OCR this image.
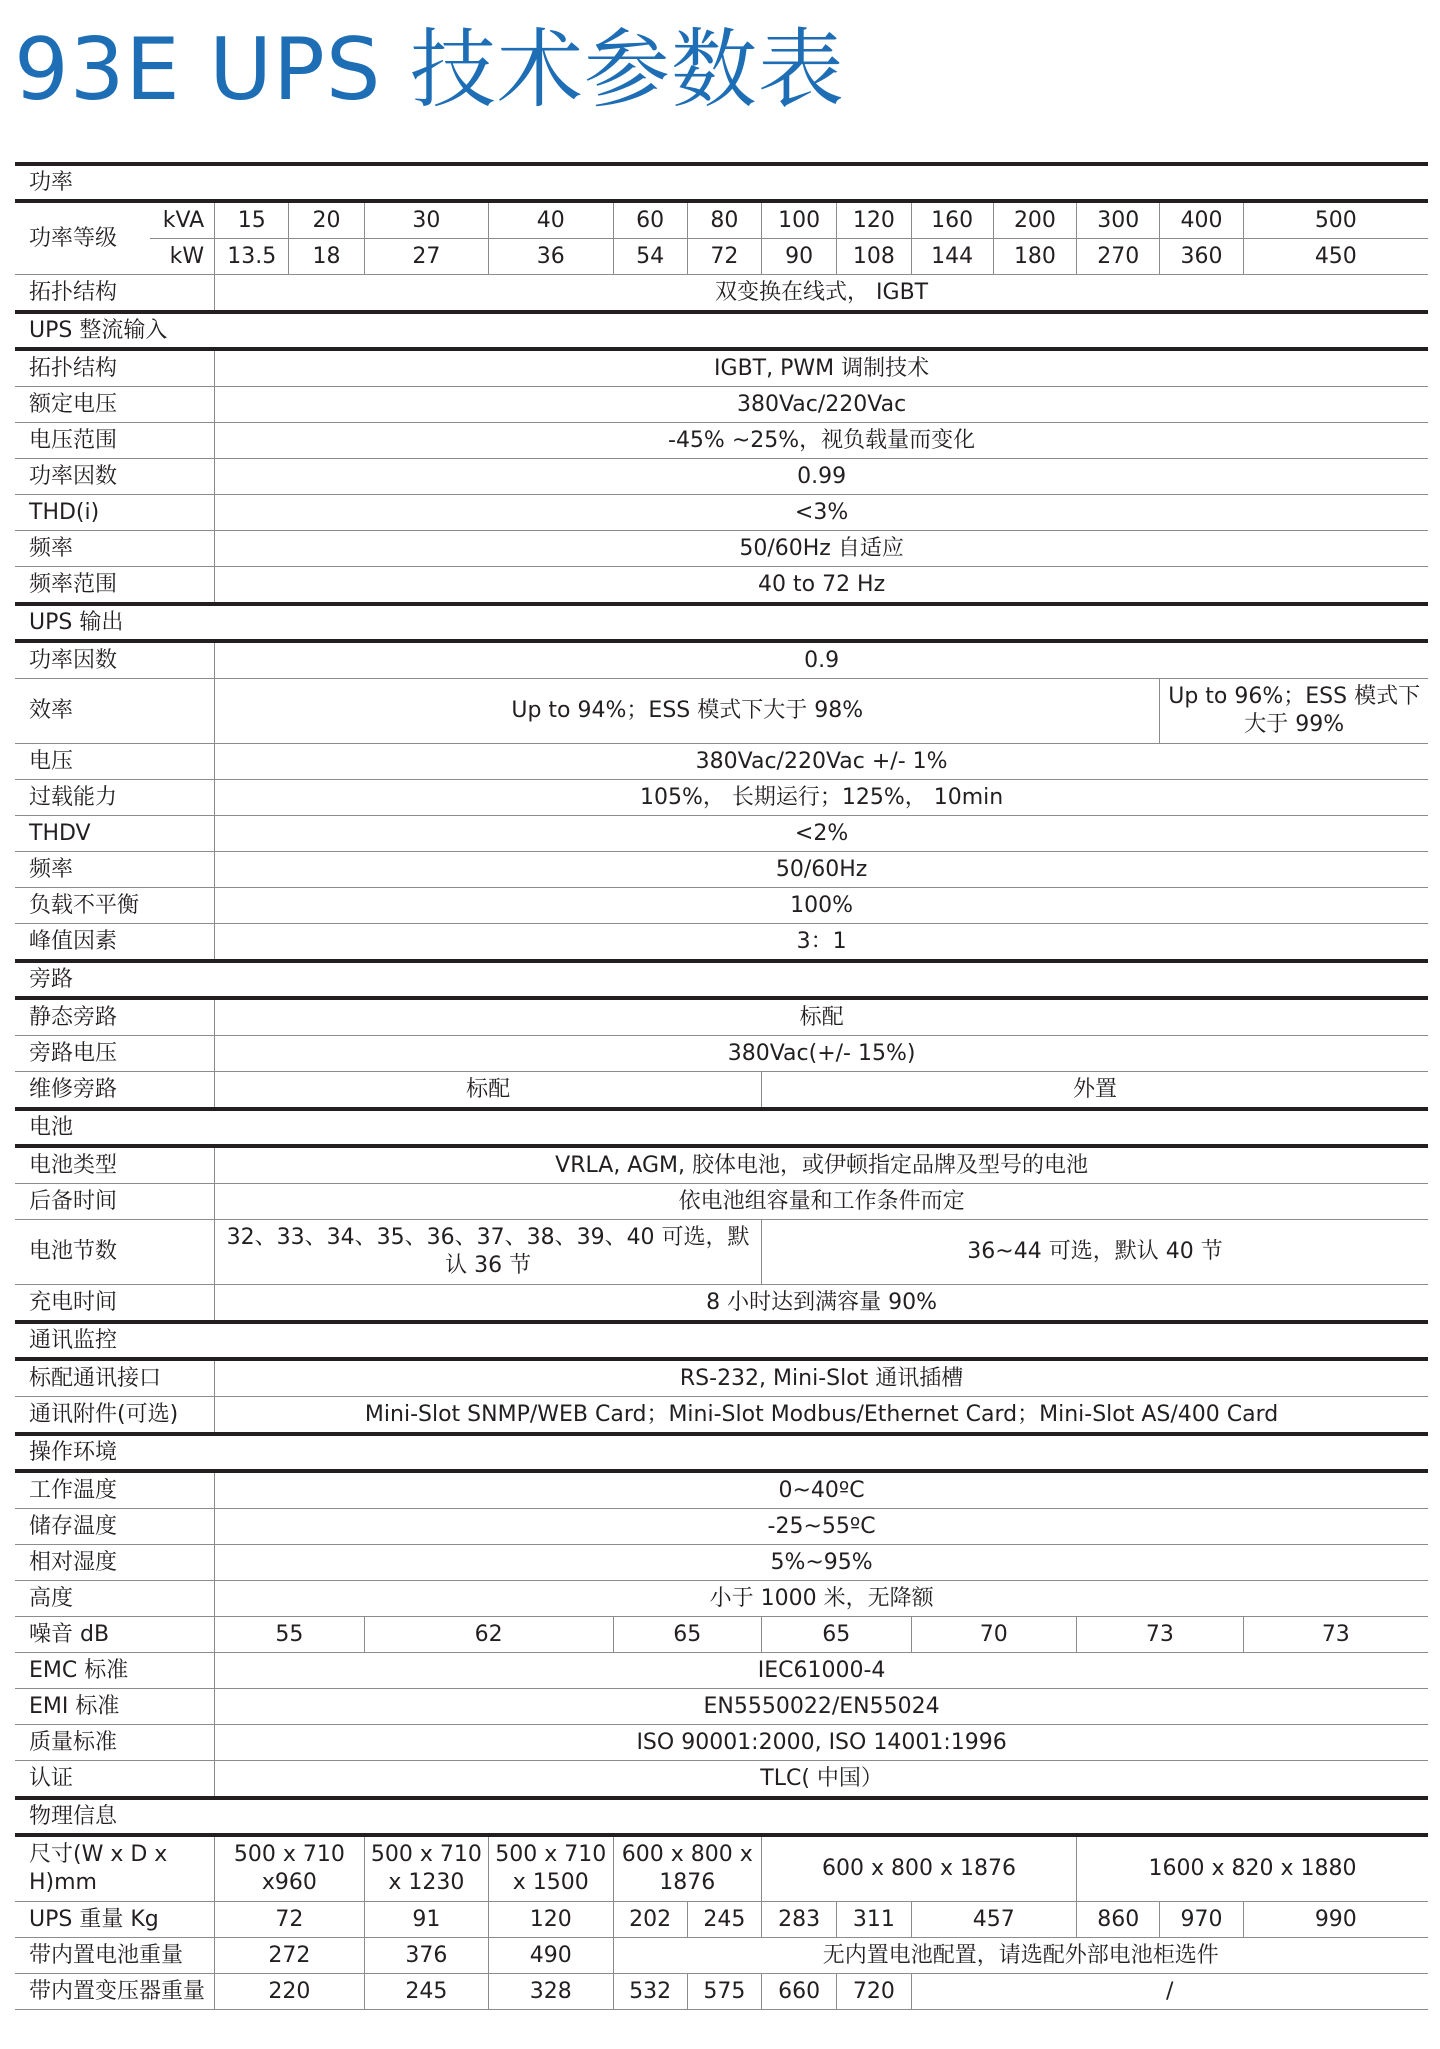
93E UPS 技术参数表
功率														
功率等级	kVA	15	20	30	40	60	80	100	120	160	200	300	400	500
	kW	13.5	18	27	36	54	72	90	108	144	180	270	360	450
拓扑结构		双变换在线式， IGBT												
UPS 整流输入														
拓扑结构		IGBT, PWM 调制技术												
额定电压		380Vac/220Vac												
电压范围		-45% ~25%，视负载量而变化												
功率因数		0.99												
THD(i)		<3%												
频率		50/60Hz 自适应												
频率范围		40 to 72 Hz												
UPS 输出														
功率因数		0.9												
效率		Up to 94%；ESS 模式下大于 98%											Up to 96%；ESS 模式下大于 99%	
电压		380Vac/220Vac +/- 1%												
过载能力		105%， 长期运行；125%， 10min												
THDV		<2%												
频率		50/60Hz												
负载不平衡		100%												
峰值因素		3：1												
旁路														
静态旁路		标配												
旁路电压		380Vac(+/- 15%)												
维修旁路		标配						外置						
电池														
电池类型		VRLA, AGM, 胶体电池，或伊顿指定品牌及型号的电池												
后备时间		依电池组容量和工作条件而定												
电池节数		32、33、34、35、36、37、38、39、40 可选，默认 36 节						36~44 可选，默认 40 节						
充电时间		8 小时达到满容量 90%												
通讯监控														
标配通讯接口		RS-232, Mini-Slot 通讯插槽												
通讯附件(可选)		Mini-Slot SNMP/WEB Card；Mini-Slot Modbus/Ethernet Card；Mini-Slot AS/400 Card												
操作环境														
工作温度		0~40ºC												
储存温度		-25~55ºC												
相对湿度		5%~95%												
高度		小于 1000 米，无降额												
噪音 dB		55		62		65		65		70		73		73
EMC 标准		IEC61000-4												
EMI 标准		EN5550022/EN55024												
质量标准		ISO 90001:2000, ISO 14001:1996												
认证		TLC( 中国）												
物理信息														
尺寸(W x D x H)mm		500 x 710 x960		500 x 710 x 1230	500 x 710 x 1500	600 x 800 x 1876		600 x 800 x 1876				1600 x 820 x 1880		
UPS 重量 Kg		72		91	120	202	245	283	311	457		860	970	990
带内置电池重量		272		376	490	无内置电池配置，请选配外部电池柜选件								
带内置变压器重量		220		245	328	532	575	660	720	/				
